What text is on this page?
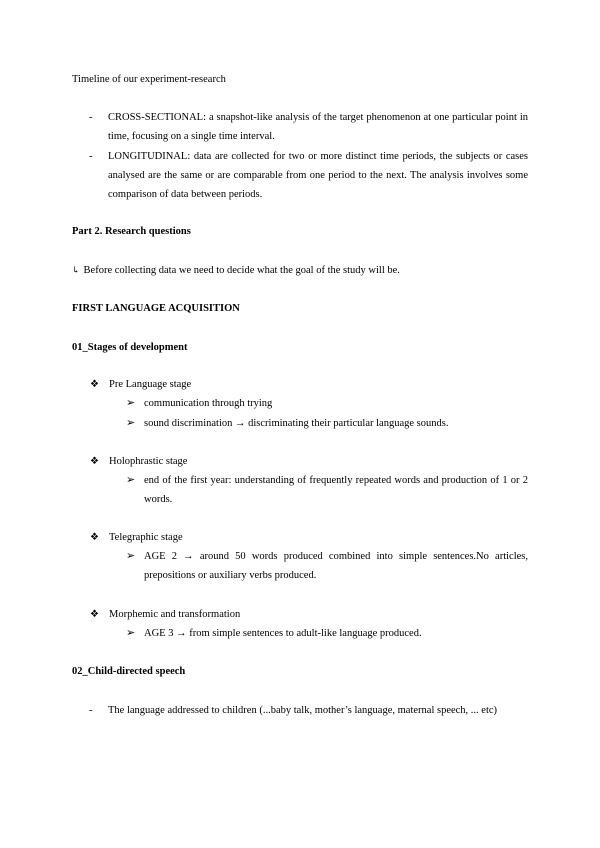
Timeline of our experiment-research

- CROSS-SECTIONAL: a snapshot-like analysis of the target phenomenon at one particular point in time, focusing on a single time interval.
- LONGITUDINAL: data are collected for two or more distinct time periods, the subjects or cases analysed are the same or are comparable from one period to the next. The analysis involves some comparison of data between periods.

Part 2. Research questions

↳ Before collecting data we need to decide what the goal of the study will be.

FIRST LANGUAGE ACQUISITION

01_Stages of development

❖ Pre Language stage
➢ communication through trying
➢ sound discrimination → discriminating their particular language sounds.
❖ Holophrastic stage
➢ end of the first year: understanding of frequently repeated words and production of 1 or 2 words.
❖ Telegraphic stage
➢ AGE 2 → around 50 words produced combined into simple sentences.No articles, prepositions or auxiliary verbs produced.
❖ Morphemic and transformation
➢ AGE 3 → from simple sentences to adult-like language produced.

02_Child-directed speech

- The language addressed to children (...baby talk, mother’s language, maternal speech, ... etc)
